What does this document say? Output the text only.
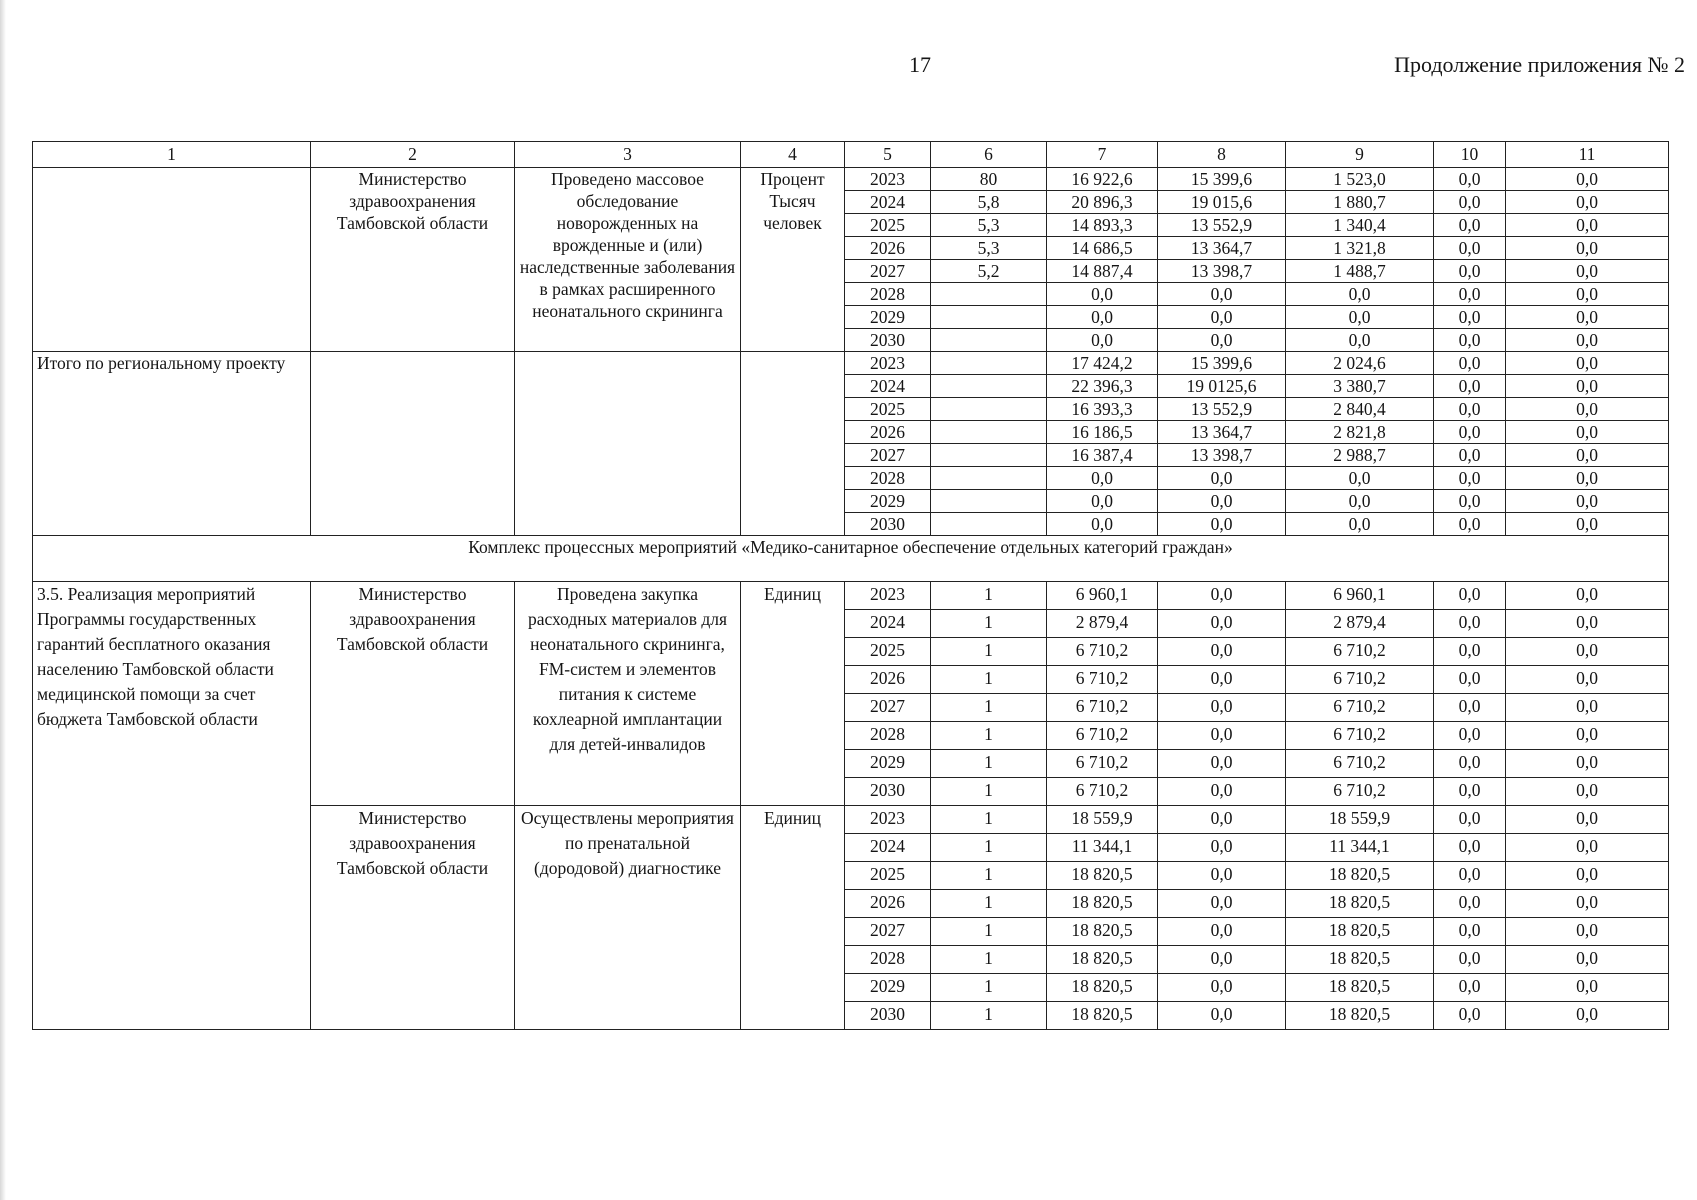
17	Продолжение приложения № 2
1	2	3	4	5	6	7	8	9	10	11
	Министерство здравоохранения Тамбовской области	Проведено массовое обследование новорожденных на врожденные и (или) наследственные заболевания в рамках расширенного неонатального скрининга	Процент Тысяч человек	2023	80	16 922,6	15 399,6	1 523,0	0,0	0,0
				2024	5,8	20 896,3	19 015,6	1 880,7	0,0	0,0
				2025	5,3	14 893,3	13 552,9	1 340,4	0,0	0,0
				2026	5,3	14 686,5	13 364,7	1 321,8	0,0	0,0
				2027	5,2	14 887,4	13 398,7	1 488,7	0,0	0,0
				2028		0,0	0,0	0,0	0,0	0,0
				2029		0,0	0,0	0,0	0,0	0,0
				2030		0,0	0,0	0,0	0,0	0,0
Итого по региональному проекту				2023		17 424,2	15 399,6	2 024,6	0,0	0,0
				2024		22 396,3	19 0125,6	3 380,7	0,0	0,0
				2025		16 393,3	13 552,9	2 840,4	0,0	0,0
				2026		16 186,5	13 364,7	2 821,8	0,0	0,0
				2027		16 387,4	13 398,7	2 988,7	0,0	0,0
				2028		0,0	0,0	0,0	0,0	0,0
				2029		0,0	0,0	0,0	0,0	0,0
				2030		0,0	0,0	0,0	0,0	0,0
Комплекс процессных мероприятий «Медико-санитарное обеспечение отдельных категорий граждан»										
3.5. Реализация мероприятий Программы государственных гарантий бесплатного оказания населению Тамбовской области медицинской помощи за счет бюджета Тамбовской области	Министерство здравоохранения Тамбовской области	Проведена закупка расходных материалов для неонатального скрининга, FM-систем и элементов питания к системе кохлеарной имплантации для детей-инвалидов	Единиц	2023	1	6 960,1	0,0	6 960,1	0,0	0,0
				2024	1	2 879,4	0,0	2 879,4	0,0	0,0
				2025	1	6 710,2	0,0	6 710,2	0,0	0,0
				2026	1	6 710,2	0,0	6 710,2	0,0	0,0
				2027	1	6 710,2	0,0	6 710,2	0,0	0,0
				2028	1	6 710,2	0,0	6 710,2	0,0	0,0
				2029	1	6 710,2	0,0	6 710,2	0,0	0,0
				2030	1	6 710,2	0,0	6 710,2	0,0	0,0
	Министерство здравоохранения Тамбовской области	Осуществлены мероприятия по пренатальной (дородовой) диагностике	Единиц	2023	1	18 559,9	0,0	18 559,9	0,0	0,0
				2024	1	11 344,1	0,0	11 344,1	0,0	0,0
				2025	1	18 820,5	0,0	18 820,5	0,0	0,0
				2026	1	18 820,5	0,0	18 820,5	0,0	0,0
				2027	1	18 820,5	0,0	18 820,5	0,0	0,0
				2028	1	18 820,5	0,0	18 820,5	0,0	0,0
				2029	1	18 820,5	0,0	18 820,5	0,0	0,0
				2030	1	18 820,5	0,0	18 820,5	0,0	0,0
